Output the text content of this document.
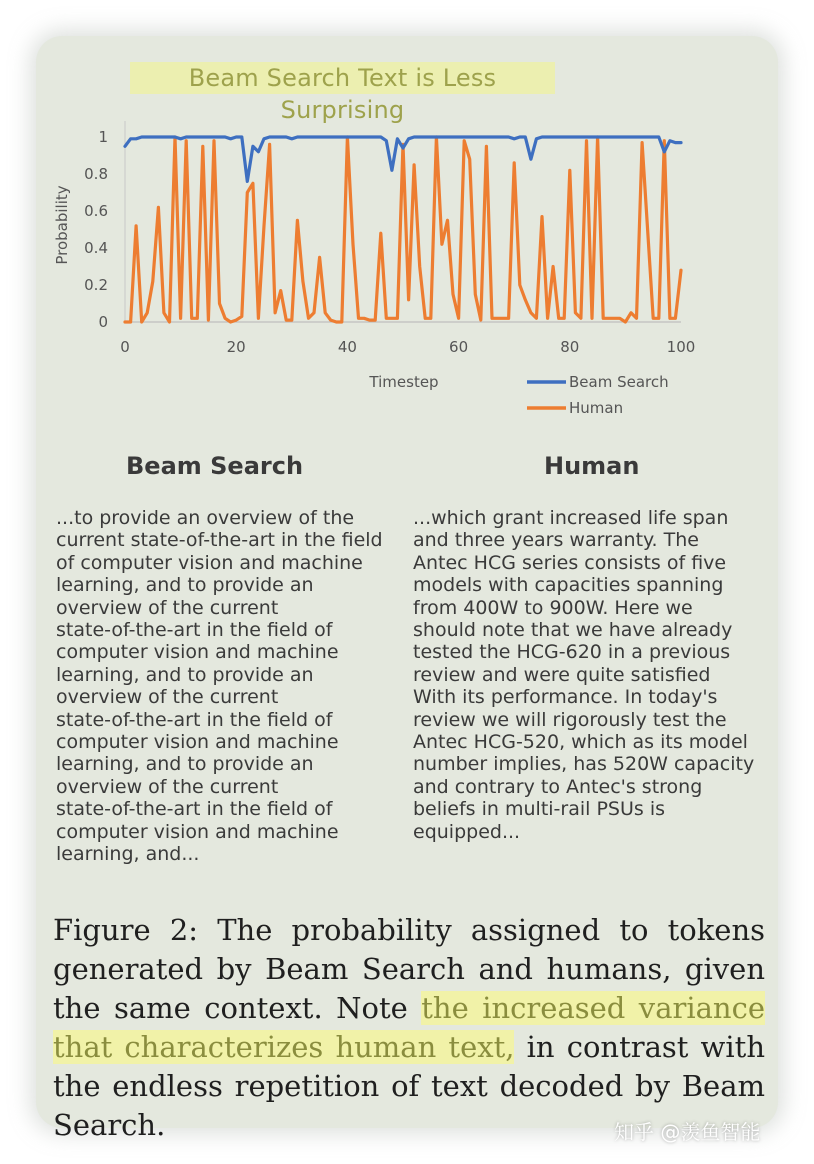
Beam Search Text is Less Surprising
0
0.2
0.4
0.6
0.8
1
0	20	40	60	80	100
Timestep
Probability
Beam Search
Human
Beam Search	Human
...to provide an overview of the
current state-of-the-art in the field
of computer vision and machine
learning, and to provide an
overview of the current
state-of-the-art in the field of
computer vision and machine
learning, and to provide an
overview of the current
state-of-the-art in the field of
computer vision and machine
learning, and to provide an
overview of the current
state-of-the-art in the field of
computer vision and machine
learning, and...
...which grant increased life span
and three years warranty. The
Antec HCG series consists of five
models with capacities spanning
from 400W to 900W. Here we
should note that we have already
tested the HCG-620 in a previous
review and were quite satisfied
With its performance. In today's
review we will rigorously test the
Antec HCG-520, which as its model
number implies, has 520W capacity
and contrary to Antec's strong
beliefs in multi-rail PSUs is
equipped...
Figure 2: The probability assigned to tokens generated by Beam Search and humans, given the same context. Note the increased variance that characterizes human text, in contrast with the endless repetition of text decoded by Beam Search.	知乎 @羡鱼智能
